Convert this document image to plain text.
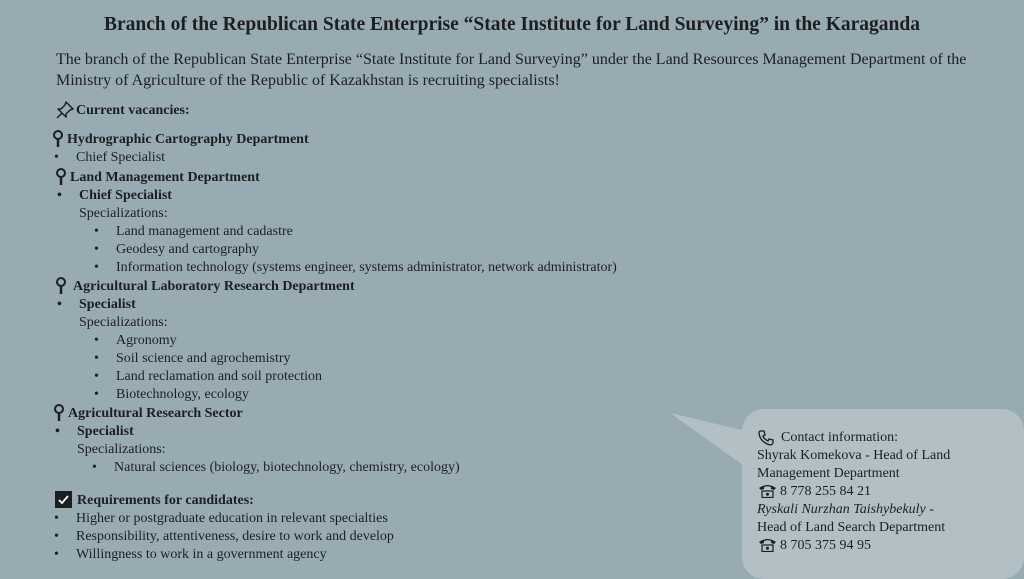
Branch of the Republican State Enterprise “State Institute for Land Surveying” in the Karaganda
The branch of the Republican State Enterprise “State Institute for Land Surveying” under the Land Resources Management Department of the Ministry of Agriculture of the Republic of Kazakhstan is recruiting specialists!
Current vacancies:
Hydrographic Cartography Department
• Chief Specialist
Land Management Department
• Chief Specialist
Specializations:
• Land management and cadastre
• Geodesy and cartography
• Information technology (systems engineer, systems administrator, network administrator)
Agricultural Laboratory Research Department
• Specialist
Specializations:
• Agronomy
• Soil science and agrochemistry
• Land reclamation and soil protection
• Biotechnology, ecology
Agricultural Research Sector
• Specialist
Specializations:
• Natural sciences (biology, biotechnology, chemistry, ecology)
Requirements for candidates:
• Higher or postgraduate education in relevant specialties
• Responsibility, attentiveness, desire to work and develop
• Willingness to work in a government agency
Contact information:
Shyrak Komekova - Head of Land
Management Department
8 778 255 84 21
Ryskali Nurzhan Taishybekuly -
Head of Land Search Department
8 705 375 94 95
